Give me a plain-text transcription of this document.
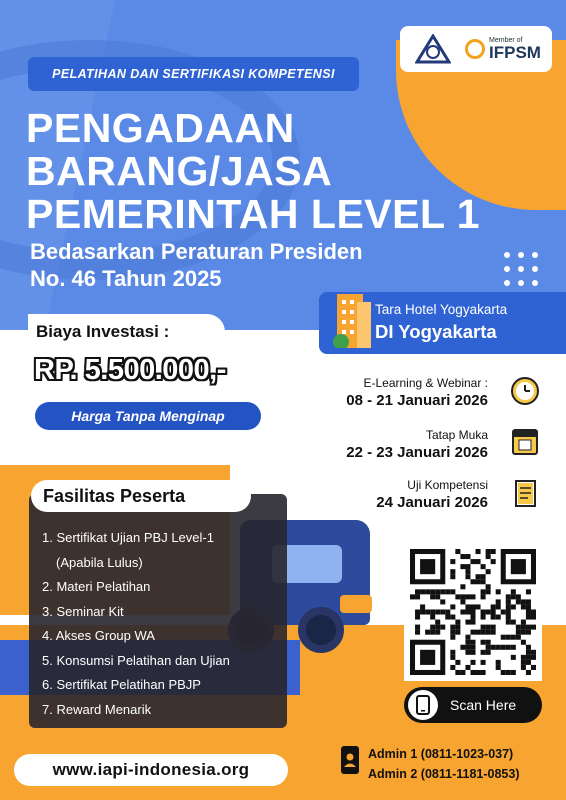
PELATIHAN DAN SERTIFIKASI KOMPETENSI
Member of
IFPSM
PENGADAAN
BARANG/JASA
PEMERINTAH LEVEL 1
Bedasarkan Peraturan Presiden
No. 46 Tahun 2025
Biaya Investasi :
RP. 5.500.000,-
Harga Tanpa Menginap
Tara Hotel Yogyakarta
DI Yogyakarta
E-Learning & Webinar :
08 - 21 Januari 2026
Tatap Muka
22 - 23 Januari 2026
Uji Kompetensi
24 Januari 2026
Fasilitas Peserta
1. Sertifikat Ujian PBJ Level-1
(Apabila Lulus)
2. Materi Pelatihan
3. Seminar Kit
4. Akses Group WA
5. Konsumsi Pelatihan dan Ujian
6. Sertifikat Pelatihan PBJP
7. Reward Menarik	Scan Here
www.iapi-indonesia.org
Admin 1 (0811-1023-037)
Admin 2 (0811-1181-0853)
